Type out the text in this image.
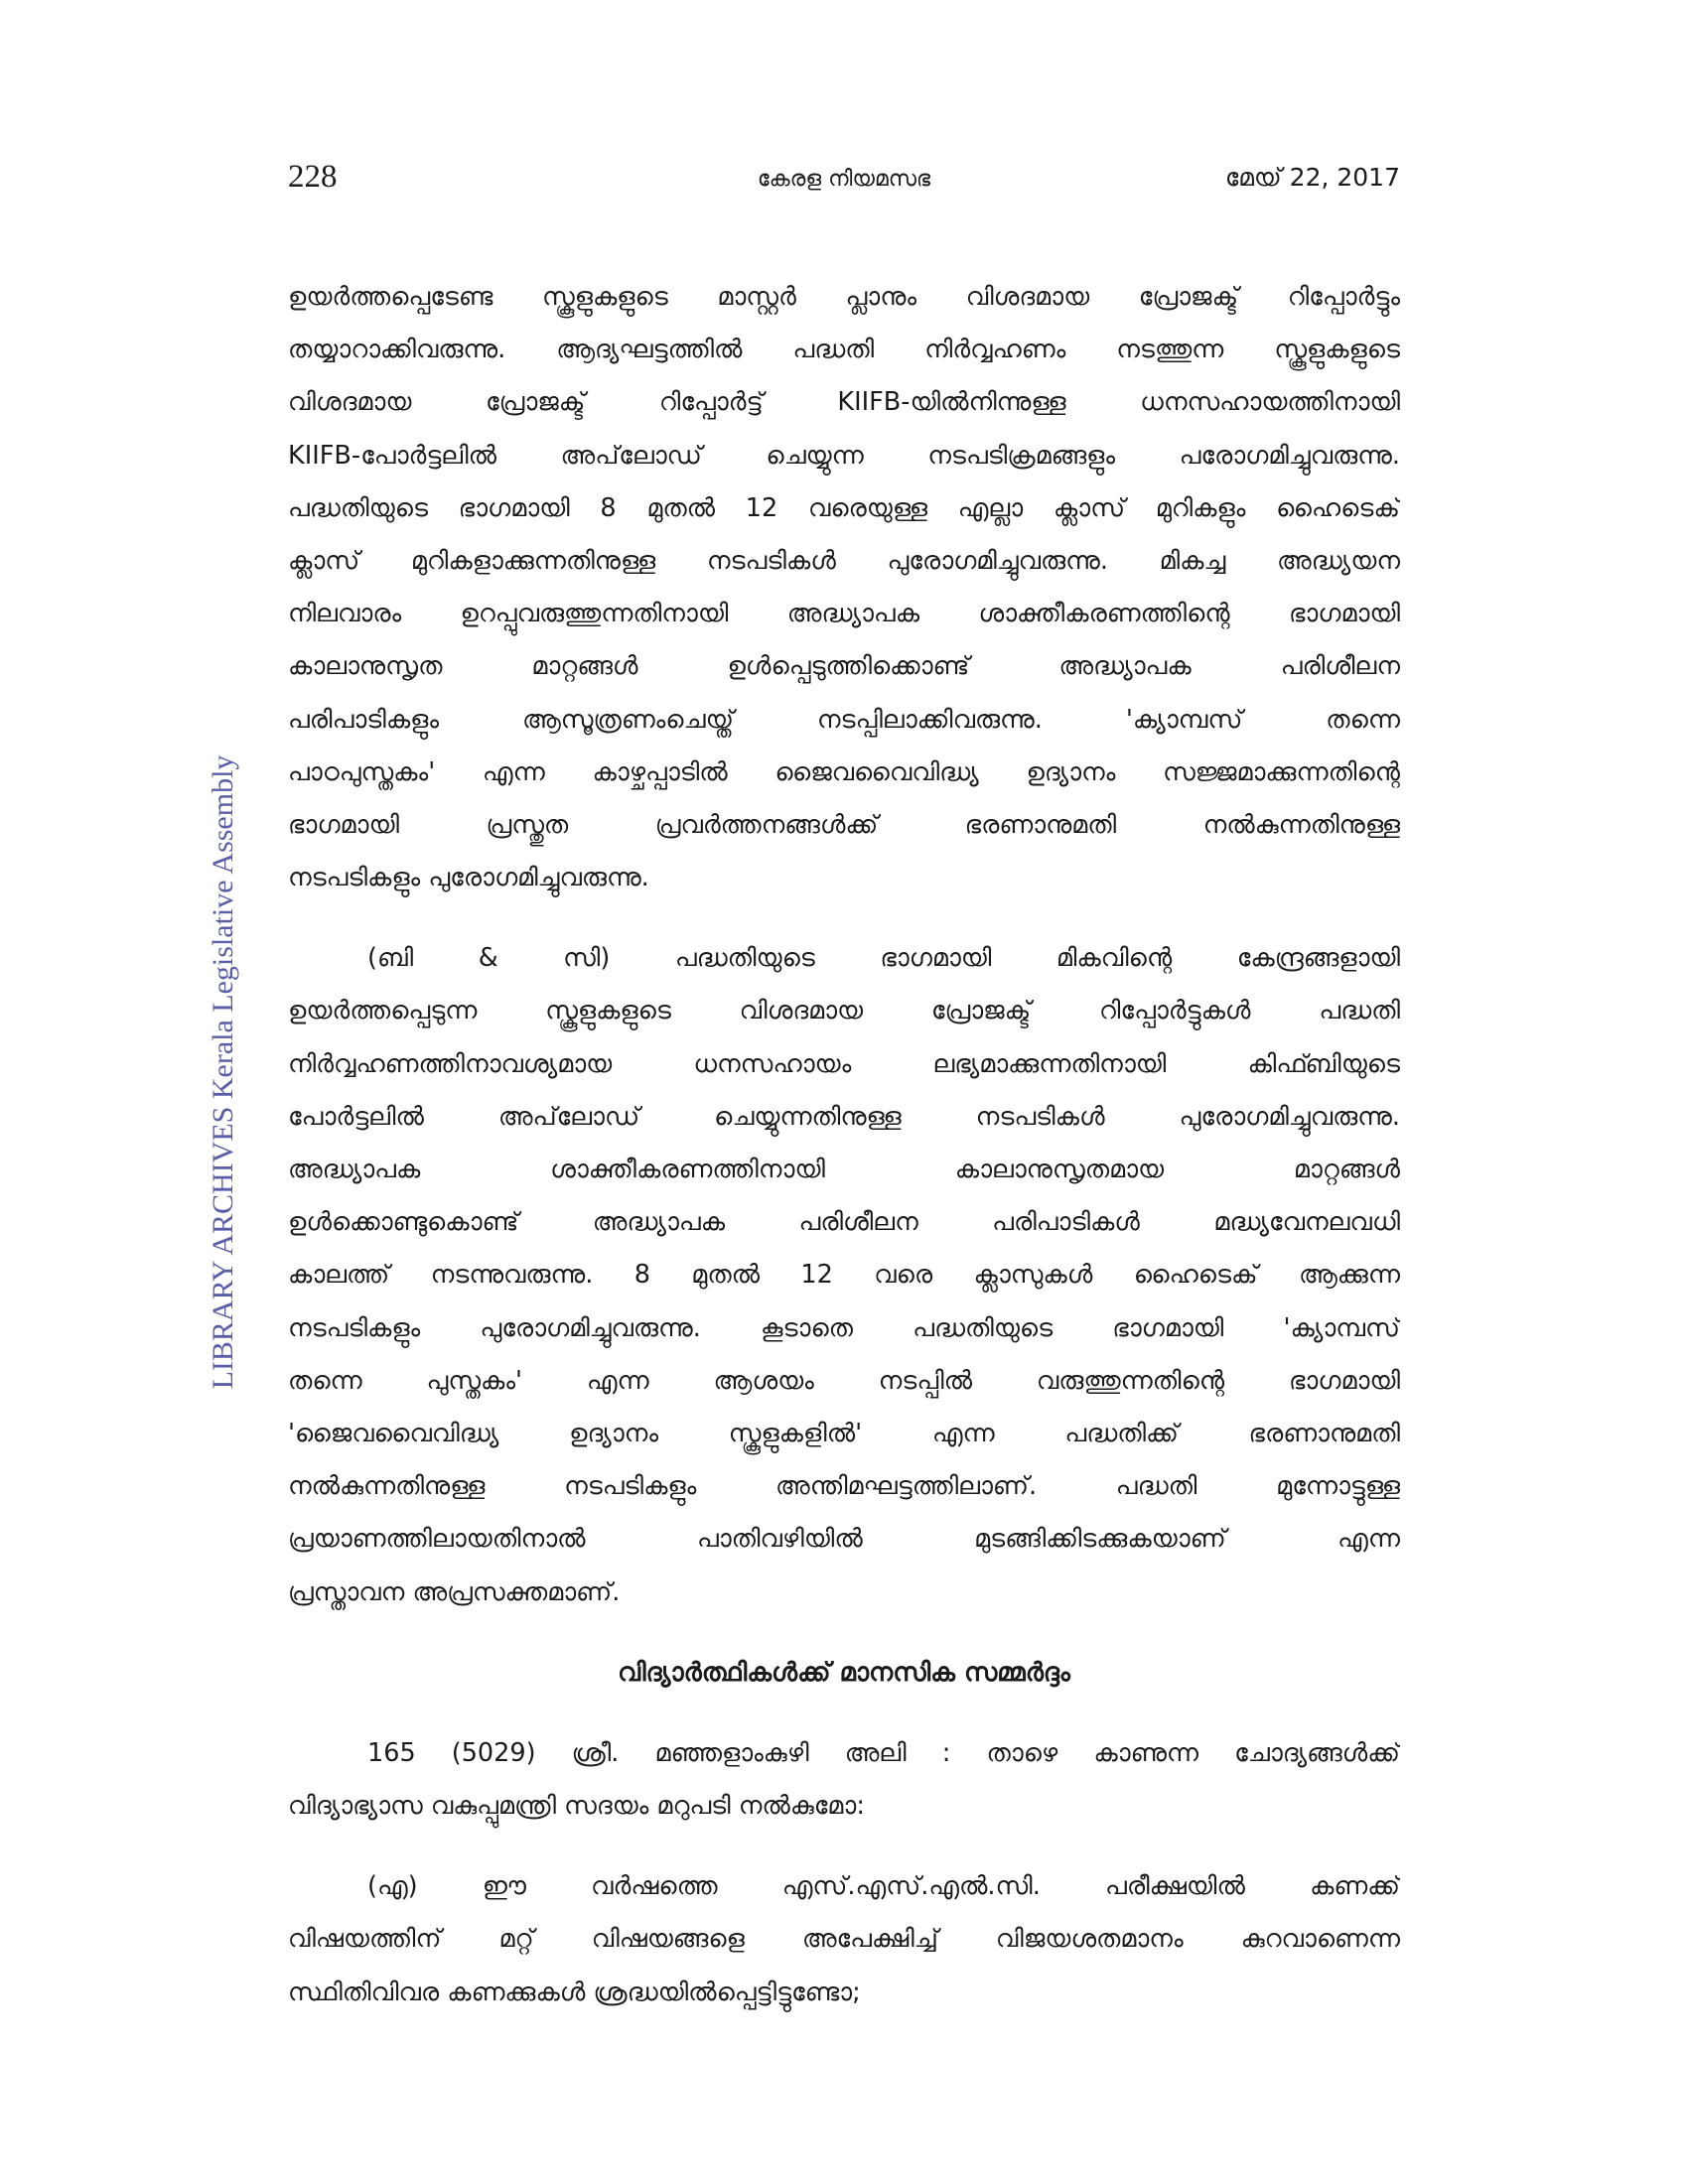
228	കേരള നിയമസഭ	മേയ് 22, 2017
LIBRARY ARCHIVES Kerala Legislative Assembly
ഉയർത്തപ്പെടേണ്ട സ്കൂളുകളുടെ മാസ്റ്റർ പ്ലാനും വിശദമായ പ്രോജക്ട് റിപ്പോർട്ടും
തയ്യാറാക്കിവരുന്നു. ആദ്യഘട്ടത്തിൽ പദ്ധതി നിർവ്വഹണം നടത്തുന്ന സ്കൂളുകളുടെ
വിശദമായ പ്രോജക്ട് റിപ്പോർട്ട് KIIFB-യിൽനിന്നുള്ള ധനസഹായത്തിനായി
KIIFB-പോർട്ടലിൽ അപ്‌ലോഡ് ചെയ്യുന്ന നടപടിക്രമങ്ങളും പരോഗമിച്ചുവരുന്നു.
പദ്ധതിയുടെ ഭാഗമായി 8 മുതൽ 12 വരെയുള്ള എല്ലാ ക്ലാസ് മുറികളും ഹൈടെക്
ക്ലാസ് മുറികളാക്കുന്നതിനുള്ള നടപടികൾ പുരോഗമിച്ചുവരുന്നു. മികച്ച അദ്ധ്യയന
നിലവാരം ഉറപ്പുവരുത്തുന്നതിനായി അദ്ധ്യാപക ശാക്തീകരണത്തിന്റെ ഭാഗമായി
കാലാനുസൃത മാറ്റങ്ങൾ ഉൾപ്പെടുത്തിക്കൊണ്ട് അദ്ധ്യാപക പരിശീലന
പരിപാടികളും ആസൂത്രണംചെയ്ത് നടപ്പിലാക്കിവരുന്നു. 'ക്യാമ്പസ് തന്നെ
പാഠപുസ്തകം' എന്ന കാഴ്ചപ്പാടിൽ ജൈവവൈവിദ്ധ്യ ഉദ്യാനം സജ്ജമാക്കുന്നതിന്റെ
ഭാഗമായി പ്രസ്തുത പ്രവർത്തനങ്ങൾക്ക് ഭരണാനുമതി നൽകുന്നതിനുള്ള
നടപടികളും പുരോഗമിച്ചുവരുന്നു.
(ബി & സി) പദ്ധതിയുടെ ഭാഗമായി മികവിന്റെ കേന്ദ്രങ്ങളായി
ഉയർത്തപ്പെടുന്ന സ്കൂളുകളുടെ വിശദമായ പ്രോജക്ട് റിപ്പോർട്ടുകൾ പദ്ധതി
നിർവ്വഹണത്തിനാവശ്യമായ ധനസഹായം ലഭ്യമാക്കുന്നതിനായി കിഫ്ബിയുടെ
പോർട്ടലിൽ അപ്‌ലോഡ് ചെയ്യുന്നതിനുള്ള നടപടികൾ പുരോഗമിച്ചുവരുന്നു.
അദ്ധ്യാപക ശാക്തീകരണത്തിനായി കാലാനുസൃതമായ മാറ്റങ്ങൾ
ഉൾക്കൊണ്ടുകൊണ്ട് അദ്ധ്യാപക പരിശീലന പരിപാടികൾ മദ്ധ്യവേനലവധി
കാലത്ത് നടന്നുവരുന്നു. 8 മുതൽ 12 വരെ ക്ലാസുകൾ ഹൈടെക് ആക്കുന്ന
നടപടികളും പുരോഗമിച്ചുവരുന്നു. കൂടാതെ പദ്ധതിയുടെ ഭാഗമായി 'ക്യാമ്പസ്
തന്നെ പുസ്തകം' എന്ന ആശയം നടപ്പിൽ വരുത്തുന്നതിന്റെ ഭാഗമായി
'ജൈവവൈവിദ്ധ്യ ഉദ്യാനം സ്കൂളുകളിൽ' എന്ന പദ്ധതിക്ക് ഭരണാനുമതി
നൽകുന്നതിനുള്ള നടപടികളും അന്തിമഘട്ടത്തിലാണ്. പദ്ധതി മുന്നോട്ടുള്ള
പ്രയാണത്തിലായതിനാൽ പാതിവഴിയിൽ മുടങ്ങിക്കിടക്കുകയാണ് എന്ന
പ്രസ്താവന അപ്രസക്തമാണ്.
വിദ്യാർത്ഥികൾക്ക് മാനസിക സമ്മർദ്ദം
165 (5029) ശ്രീ. മഞ്ഞളാംകുഴി അലി : താഴെ കാണുന്ന ചോദ്യങ്ങൾക്ക്
വിദ്യാഭ്യാസ വകുപ്പുമന്ത്രി സദയം മറുപടി നൽകുമോ:
(എ) ഈ വർഷത്തെ എസ്.എസ്.എൽ.സി. പരീക്ഷയിൽ കണക്ക്
വിഷയത്തിന് മറ്റ് വിഷയങ്ങളെ അപേക്ഷിച്ച് വിജയശതമാനം കുറവാണെന്ന
സ്ഥിതിവിവര കണക്കുകൾ ശ്രദ്ധയിൽപ്പെട്ടിട്ടുണ്ടോ;
